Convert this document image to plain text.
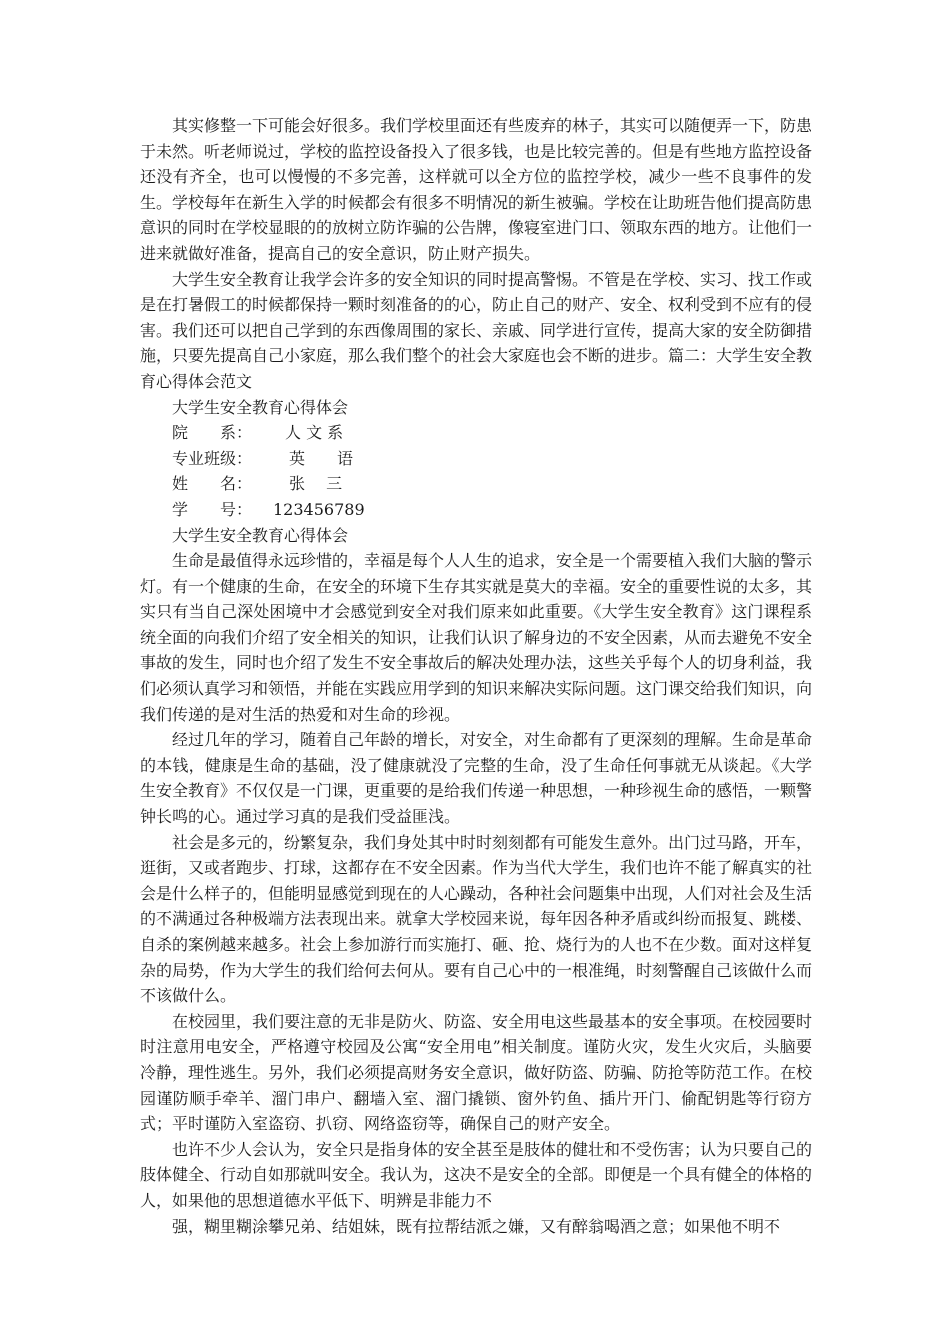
其实修整一下可能会好很多。我们学校里面还有些废弃的林子，其实可以随便弄一下，防患于未然。听老师说过，学校的监控设备投入了很多钱，也是比较完善的。但是有些地方监控设备还没有齐全，也可以慢慢的不多完善，这样就可以全方位的监控学校，减少一些不良事件的发生。学校每年在新生入学的时候都会有很多不明情况的新生被骗。学校在让助班告他们提高防患意识的同时在学校显眼的的放树立防诈骗的公告牌，像寝室进门口、领取东西的地方。让他们一进来就做好准备，提高自己的安全意识，防止财产损失。

大学生安全教育让我学会许多的安全知识的同时提高警惕。不管是在学校、实习、找工作或是在打暑假工的时候都保持一颗时刻准备的的心，防止自己的财产、安全、权利受到不应有的侵害。我们还可以把自己学到的东西像周围的家长、亲戚、同学进行宣传，提高大家的安全防御措施，只要先提高自己小家庭，那么我们整个的社会大家庭也会不断的进步。篇二：大学生安全教育心得体会范文

大学生安全教育心得体会

院　　系：	人 文 系
专业班级：	英　　语
姓　　名：	张　 三
学　　号：	123456789

大学生安全教育心得体会

生命是最值得永远珍惜的，幸福是每个人人生的追求，安全是一个需要植入我们大脑的警示灯。有一个健康的生命，在安全的环境下生存其实就是莫大的幸福。安全的重要性说的太多，其实只有当自己深处困境中才会感觉到安全对我们原来如此重要。《大学生安全教育》这门课程系统全面的向我们介绍了安全相关的知识，让我们认识了解身边的不安全因素，从而去避免不安全事故的发生，同时也介绍了发生不安全事故后的解决处理办法，这些关乎每个人的切身利益，我们必须认真学习和领悟，并能在实践应用学到的知识来解决实际问题。这门课交给我们知识，向我们传递的是对生活的热爱和对生命的珍视。

经过几年的学习，随着自己年龄的增长，对安全，对生命都有了更深刻的理解。生命是革命的本钱，健康是生命的基础，没了健康就没了完整的生命，没了生命任何事就无从谈起。《大学生安全教育》不仅仅是一门课，更重要的是给我们传递一种思想，一种珍视生命的感悟，一颗警钟长鸣的心。通过学习真的是我们受益匪浅。

社会是多元的，纷繁复杂，我们身处其中时时刻刻都有可能发生意外。出门过马路，开车，逛街，又或者跑步、打球，这都存在不安全因素。作为当代大学生，我们也许不能了解真实的社会是什么样子的，但能明显感觉到现在的人心躁动，各种社会问题集中出现，人们对社会及生活的不满通过各种极端方法表现出来。就拿大学校园来说，每年因各种矛盾或纠纷而报复、跳楼、自杀的案例越来越多。社会上参加游行而实施打、砸、抢、烧行为的人也不在少数。面对这样复杂的局势，作为大学生的我们给何去何从。要有自己心中的一根准绳，时刻警醒自己该做什么而不该做什么。

在校园里，我们要注意的无非是防火、防盗、安全用电这些最基本的安全事项。在校园要时时注意用电安全，严格遵守校园及公寓“安全用电”相关制度。谨防火灾，发生火灾后，头脑要冷静，理性逃生。另外，我们必须提高财务安全意识，做好防盗、防骗、防抢等防范工作。在校园谨防顺手牵羊、溜门串户、翻墙入室、溜门撬锁、窗外钓鱼、插片开门、偷配钥匙等行窃方式；平时谨防入室盗窃、扒窃、网络盗窃等，确保自己的财产安全。

也许不少人会认为，安全只是指身体的安全甚至是肢体的健壮和不受伤害；认为只要自己的肢体健全、行动自如那就叫安全。我认为，这决不是安全的全部。即便是一个具有健全的体格的人，如果他的思想道德水平低下、明辨是非能力不

强，糊里糊涂攀兄弟、结姐妹，既有拉帮结派之嫌，又有醉翁喝酒之意；如果他不明不
